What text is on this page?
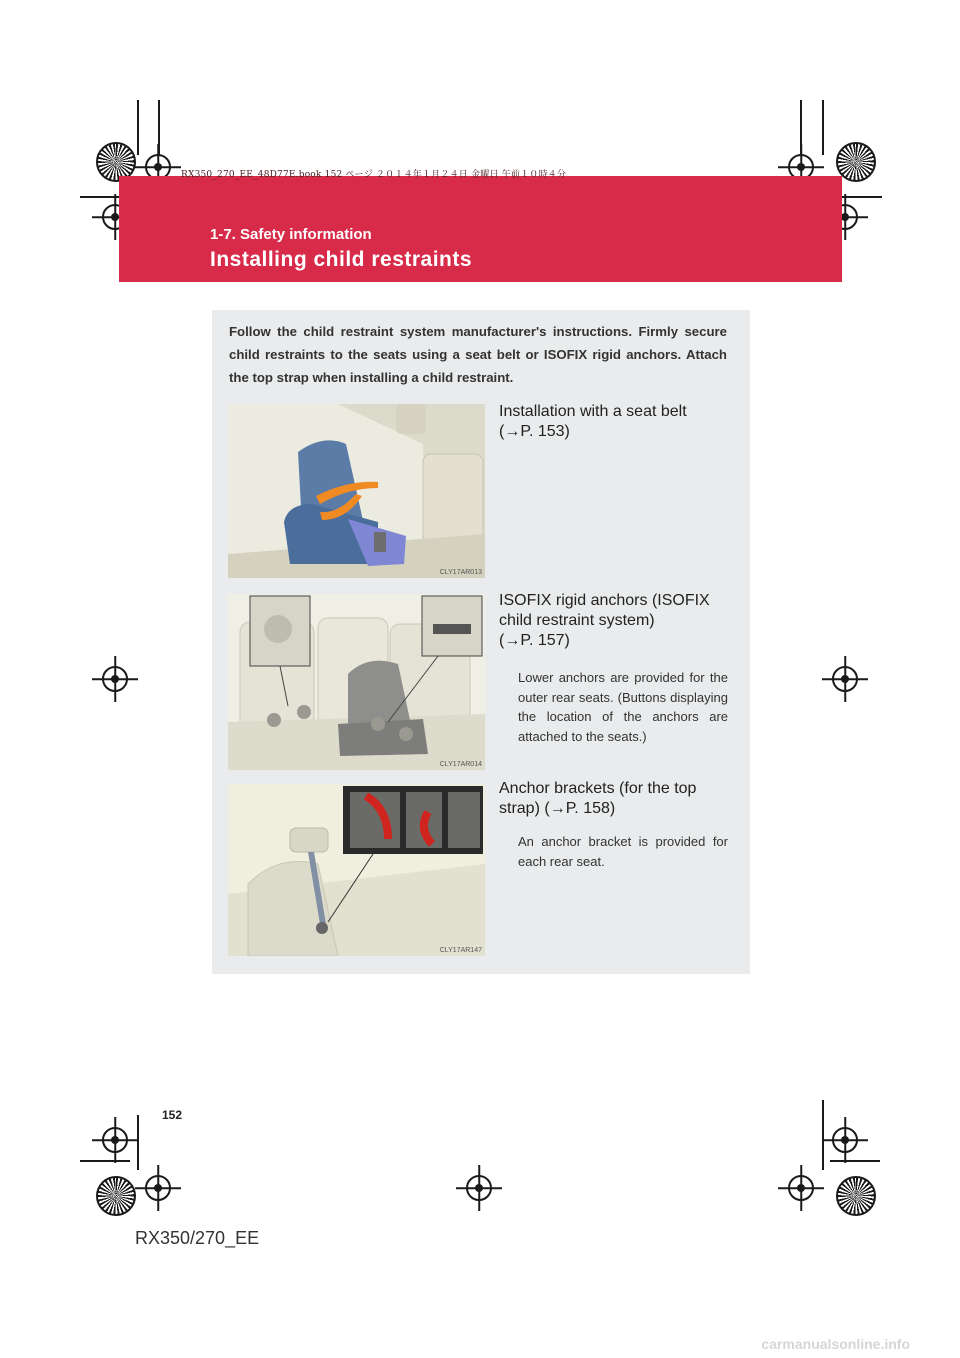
RX350_270_EE_48D77E.book 152 ページ ２０１４年１月２４日 金曜日 午前１０時４分
1-7. Safety information
Installing child restraints
Follow the child restraint system manufacturer's instructions. Firmly secure child restraints to the seats using a seat belt or ISOFIX rigid anchors. Attach the top strap when installing a child restraint.
CLY17AR013
Installation with a seat belt
(→P. 153)
CLY17AR014
ISOFIX rigid anchors (ISOFIX child restraint system)
(→P. 157)
Lower anchors are provided for the outer rear seats. (Buttons displaying the location of the anchors are attached to the seats.)
CLY17AR147
Anchor brackets (for the top strap) (→P. 158)
An anchor bracket is provided for each rear seat.
152
RX350/270_EE
carmanualsonline.info
